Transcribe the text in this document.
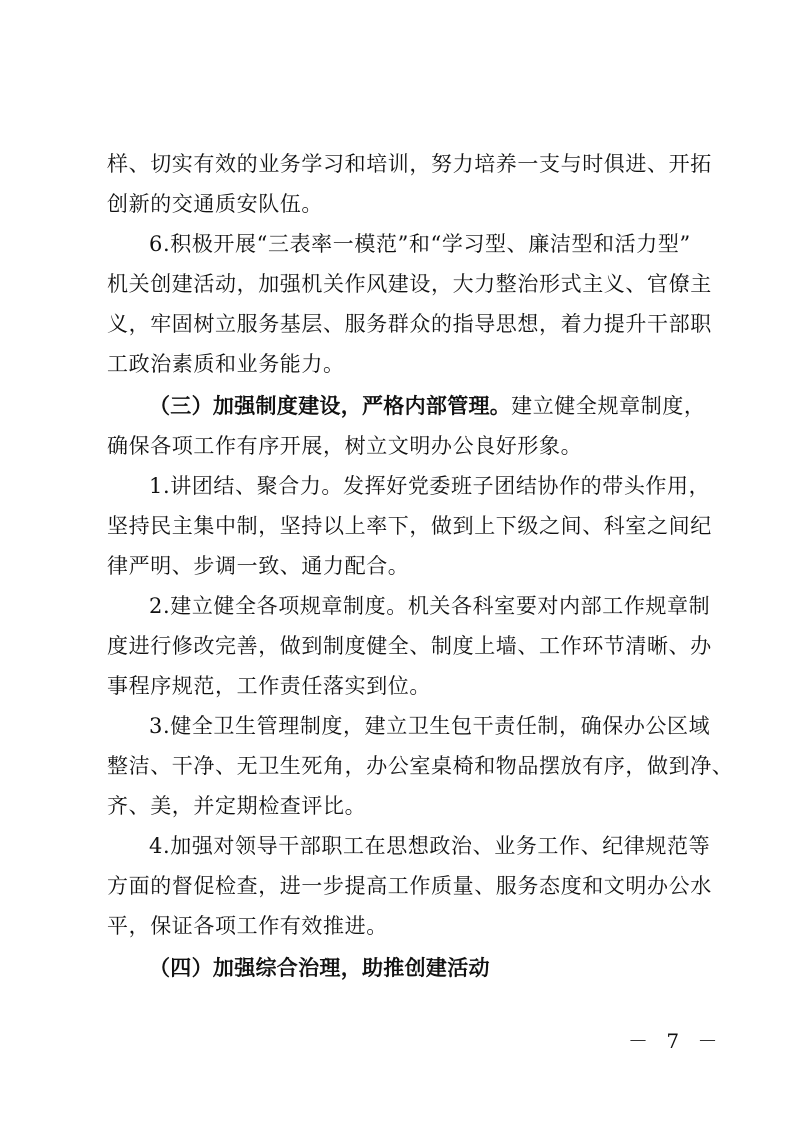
样、切实有效的业务学习和培训，努力培养一支与时俱进、开拓
创新的交通质安队伍。
6.积极开展“三表率一模范”和“学习型、廉洁型和活力型”
机关创建活动，加强机关作风建设，大力整治形式主义、官僚主
义，牢固树立服务基层、服务群众的指导思想，着力提升干部职
工政治素质和业务能力。
（三）加强制度建设，严格内部管理。建立健全规章制度，
确保各项工作有序开展，树立文明办公良好形象。
1.讲团结、聚合力。发挥好党委班子团结协作的带头作用，
坚持民主集中制，坚持以上率下，做到上下级之间、科室之间纪
律严明、步调一致、通力配合。
2.建立健全各项规章制度。机关各科室要对内部工作规章制
度进行修改完善，做到制度健全、制度上墙、工作环节清晰、办
事程序规范，工作责任落实到位。
3.健全卫生管理制度，建立卫生包干责任制，确保办公区域
整洁、干净、无卫生死角，办公室桌椅和物品摆放有序，做到净、
齐、美，并定期检查评比。
4.加强对领导干部职工在思想政治、业务工作、纪律规范等
方面的督促检查，进一步提高工作质量、服务态度和文明办公水
平，保证各项工作有效推进。
（四）加强综合治理，助推创建活动
－ 7 －
